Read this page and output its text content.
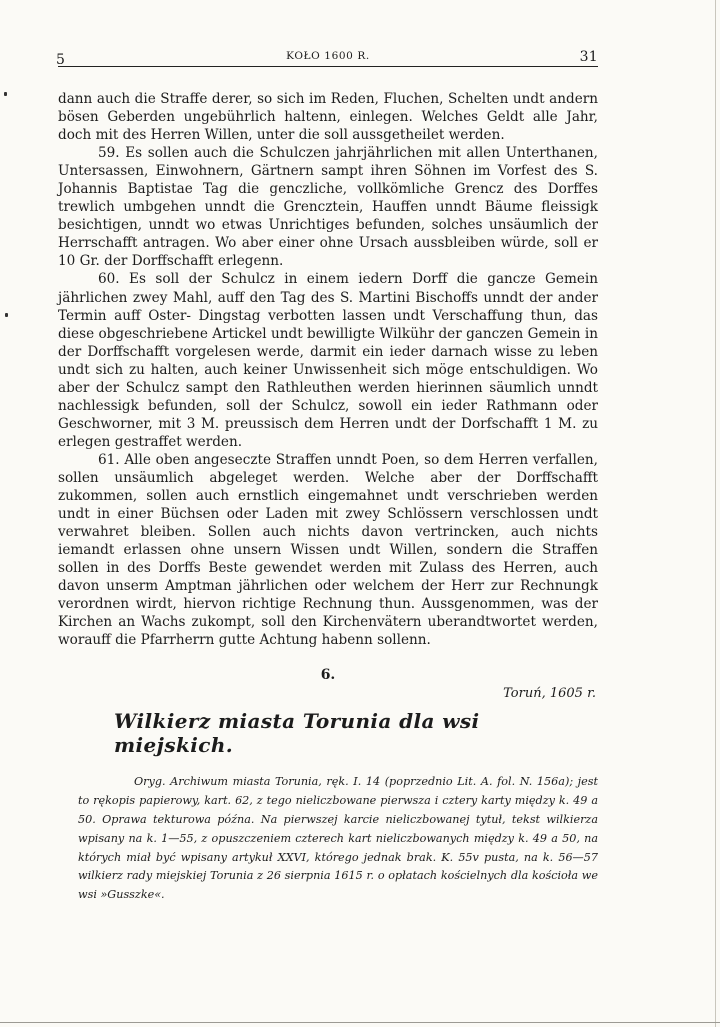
5	KOŁO 1600 R.	31

dann auch die Straffe derer, so sich im Reden, Fluchen, Schelten undt andern bösen Geberden ungebührlich haltenn, einlegen. Welches Geldt alle Jahr, doch mit des Herren Willen, unter die soll aussgetheilet werden.

59. Es sollen auch die Schulczen jahrjährlichen mit allen Unterthanen, Untersassen, Einwohnern, Gärtnern sampt ihren Söhnen im Vorfest des S. Johannis Baptistae Tag die genczliche, vollkömliche Grencz des Dorffes trewlich umbgehen unndt die Grencztein, Hauffen unndt Bäume fleissigk besichtigen, unndt wo etwas Unrichtiges befunden, solches unsäumlich der Herrschafft antragen. Wo aber einer ohne Ursach aussbleiben würde, soll er 10 Gr. der Dorffschafft erlegenn.

60. Es soll der Schulcz in einem iedern Dorff die gancze Gemein jährlichen zwey Mahl, auff den Tag des S. Martini Bischoffs unndt der ander Termin auff Oster- Dingstag verbotten lassen undt Verschaffung thun, das diese obgeschriebene Artickel undt bewilligte Wilkühr der ganczen Gemein in der Dorffschafft vorgelesen werde, darmit ein ieder darnach wisse zu leben undt sich zu halten, auch keiner Unwissenheit sich möge entschuldigen. Wo aber der Schulcz sampt den Rathleuthen werden hierinnen säumlich unndt nachlessigk befunden, soll der Schulcz, sowoll ein ieder Rathmann oder Geschworner, mit 3 M. preussisch dem Herren undt der Dorfschafft 1 M. zu erlegen gestraffet werden.

61. Alle oben angeseczte Straffen unndt Poen, so dem Herren verfallen, sollen unsäumlich abgeleget werden. Welche aber der Dorffschafft zukommen, sollen auch ernstlich eingemahnet undt verschrieben werden undt in einer Büchsen oder Laden mit zwey Schlössern verschlossen undt verwahret bleiben. Sollen auch nichts davon vertrincken, auch nichts iemandt erlassen ohne unsern Wissen undt Willen, sondern die Straffen sollen in des Dorffs Beste gewendet werden mit Zulass des Herren, auch davon unserm Amptman jährlichen oder welchem der Herr zur Rechnungk verordnen wirdt, hiervon richtige Rechnung thun. Aussgenommen, was der Kirchen an Wachs zukompt, soll den Kirchenvätern uberandtwortet werden, worauff die Pfarrherrn gutte Achtung habenn sollenn.

6.
Toruń, 1605 r.
Wilkierz miasta Torunia dla wsi miejskich.
Oryg. Archiwum miasta Torunia, ręk. I. 14 (poprzednio Lit. A. fol. N. 156a); jest to rękopis papierowy, kart. 62, z tego nieliczbowane pierwsza i cztery karty między k. 49 a 50. Oprawa tekturowa późna. Na pierwszej karcie nieliczbowanej tytuł, tekst wilkierza wpisany na k. 1—55, z opuszczeniem czterech kart nieliczbowanych między k. 49 a 50, na których miał być wpisany artykuł XXVI, którego jednak brak. K. 55v pusta, na k. 56—57 wilkierz rady miejskiej Torunia z 26 sierpnia 1615 r. o opłatach kościelnych dla kościoła we wsi »Gusszke«.
